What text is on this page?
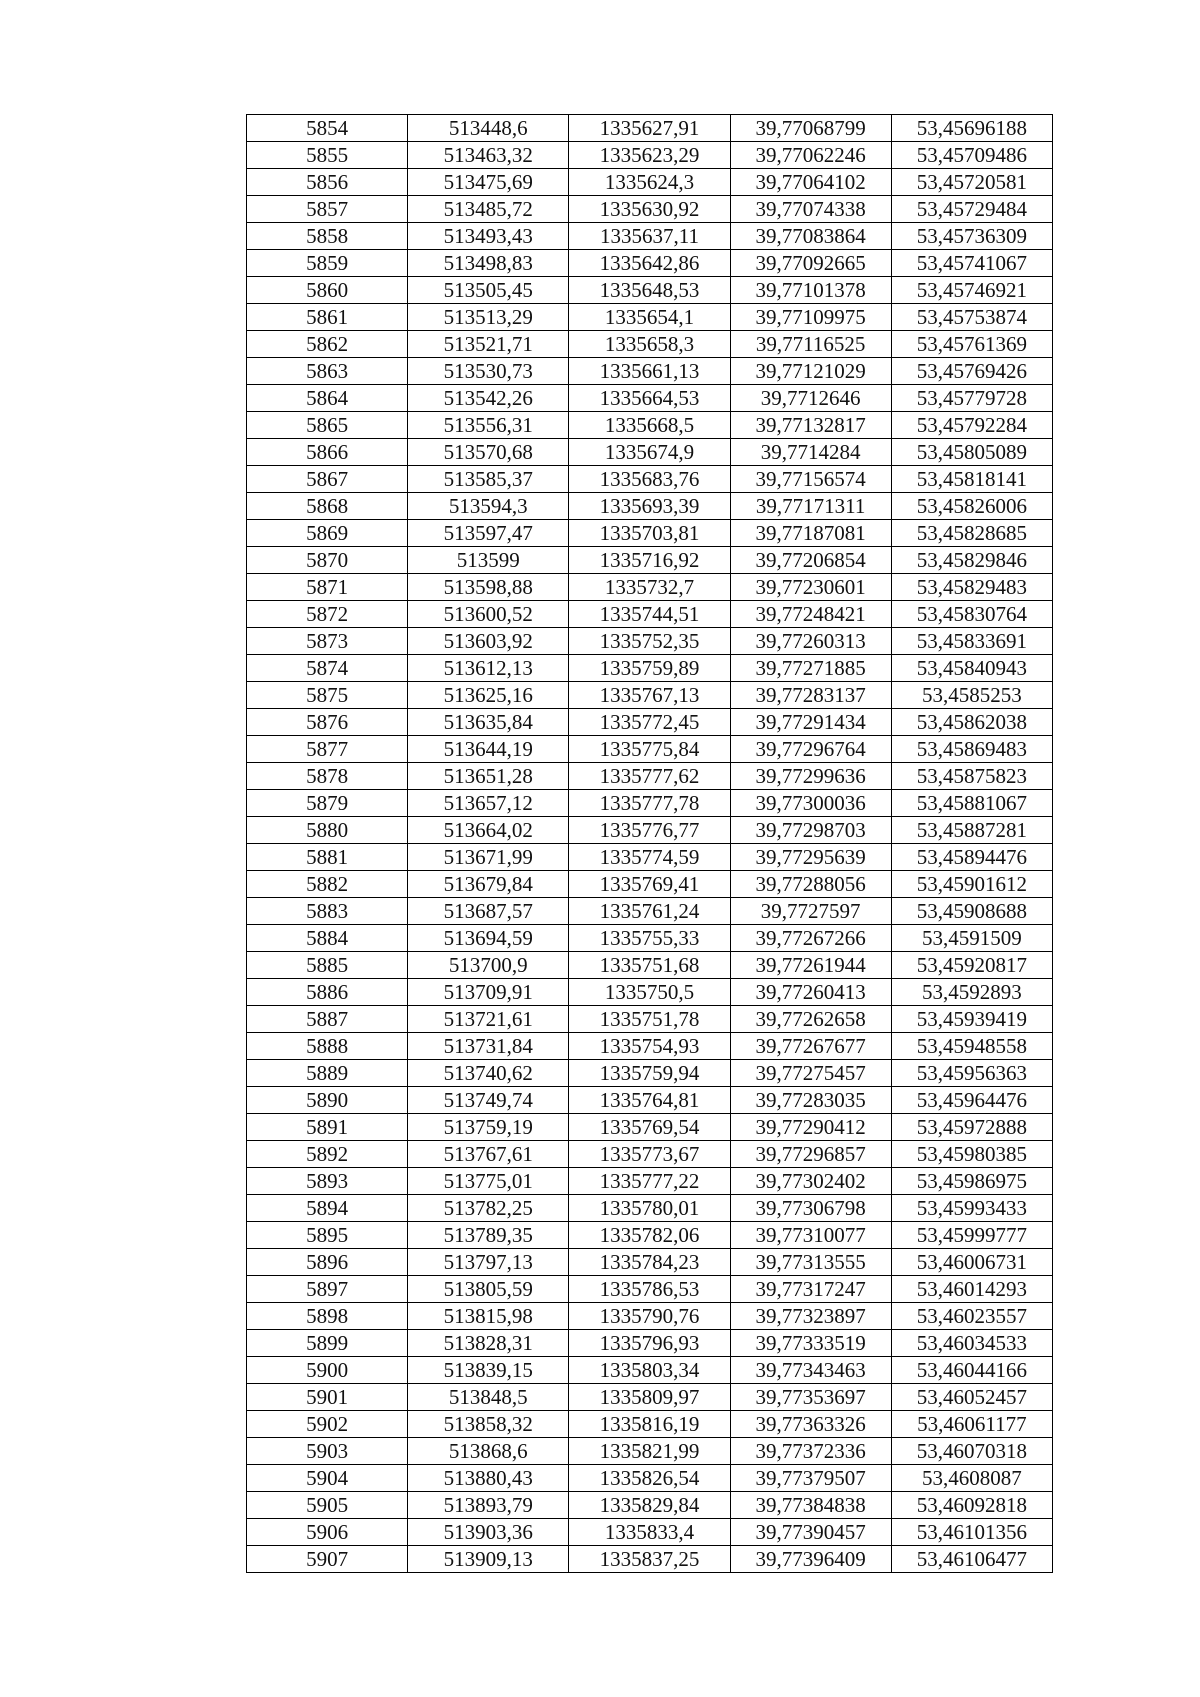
5854	513448,6	1335627,91	39,77068799	53,45696188
5855	513463,32	1335623,29	39,77062246	53,45709486
5856	513475,69	1335624,3	39,77064102	53,45720581
5857	513485,72	1335630,92	39,77074338	53,45729484
5858	513493,43	1335637,11	39,77083864	53,45736309
5859	513498,83	1335642,86	39,77092665	53,45741067
5860	513505,45	1335648,53	39,77101378	53,45746921
5861	513513,29	1335654,1	39,77109975	53,45753874
5862	513521,71	1335658,3	39,77116525	53,45761369
5863	513530,73	1335661,13	39,77121029	53,45769426
5864	513542,26	1335664,53	39,7712646	53,45779728
5865	513556,31	1335668,5	39,77132817	53,45792284
5866	513570,68	1335674,9	39,7714284	53,45805089
5867	513585,37	1335683,76	39,77156574	53,45818141
5868	513594,3	1335693,39	39,77171311	53,45826006
5869	513597,47	1335703,81	39,77187081	53,45828685
5870	513599	1335716,92	39,77206854	53,45829846
5871	513598,88	1335732,7	39,77230601	53,45829483
5872	513600,52	1335744,51	39,77248421	53,45830764
5873	513603,92	1335752,35	39,77260313	53,45833691
5874	513612,13	1335759,89	39,77271885	53,45840943
5875	513625,16	1335767,13	39,77283137	53,4585253
5876	513635,84	1335772,45	39,77291434	53,45862038
5877	513644,19	1335775,84	39,77296764	53,45869483
5878	513651,28	1335777,62	39,77299636	53,45875823
5879	513657,12	1335777,78	39,77300036	53,45881067
5880	513664,02	1335776,77	39,77298703	53,45887281
5881	513671,99	1335774,59	39,77295639	53,45894476
5882	513679,84	1335769,41	39,77288056	53,45901612
5883	513687,57	1335761,24	39,7727597	53,45908688
5884	513694,59	1335755,33	39,77267266	53,4591509
5885	513700,9	1335751,68	39,77261944	53,45920817
5886	513709,91	1335750,5	39,77260413	53,4592893
5887	513721,61	1335751,78	39,77262658	53,45939419
5888	513731,84	1335754,93	39,77267677	53,45948558
5889	513740,62	1335759,94	39,77275457	53,45956363
5890	513749,74	1335764,81	39,77283035	53,45964476
5891	513759,19	1335769,54	39,77290412	53,45972888
5892	513767,61	1335773,67	39,77296857	53,45980385
5893	513775,01	1335777,22	39,77302402	53,45986975
5894	513782,25	1335780,01	39,77306798	53,45993433
5895	513789,35	1335782,06	39,77310077	53,45999777
5896	513797,13	1335784,23	39,77313555	53,46006731
5897	513805,59	1335786,53	39,77317247	53,46014293
5898	513815,98	1335790,76	39,77323897	53,46023557
5899	513828,31	1335796,93	39,77333519	53,46034533
5900	513839,15	1335803,34	39,77343463	53,46044166
5901	513848,5	1335809,97	39,77353697	53,46052457
5902	513858,32	1335816,19	39,77363326	53,46061177
5903	513868,6	1335821,99	39,77372336	53,46070318
5904	513880,43	1335826,54	39,77379507	53,4608087
5905	513893,79	1335829,84	39,77384838	53,46092818
5906	513903,36	1335833,4	39,77390457	53,46101356
5907	513909,13	1335837,25	39,77396409	53,46106477
